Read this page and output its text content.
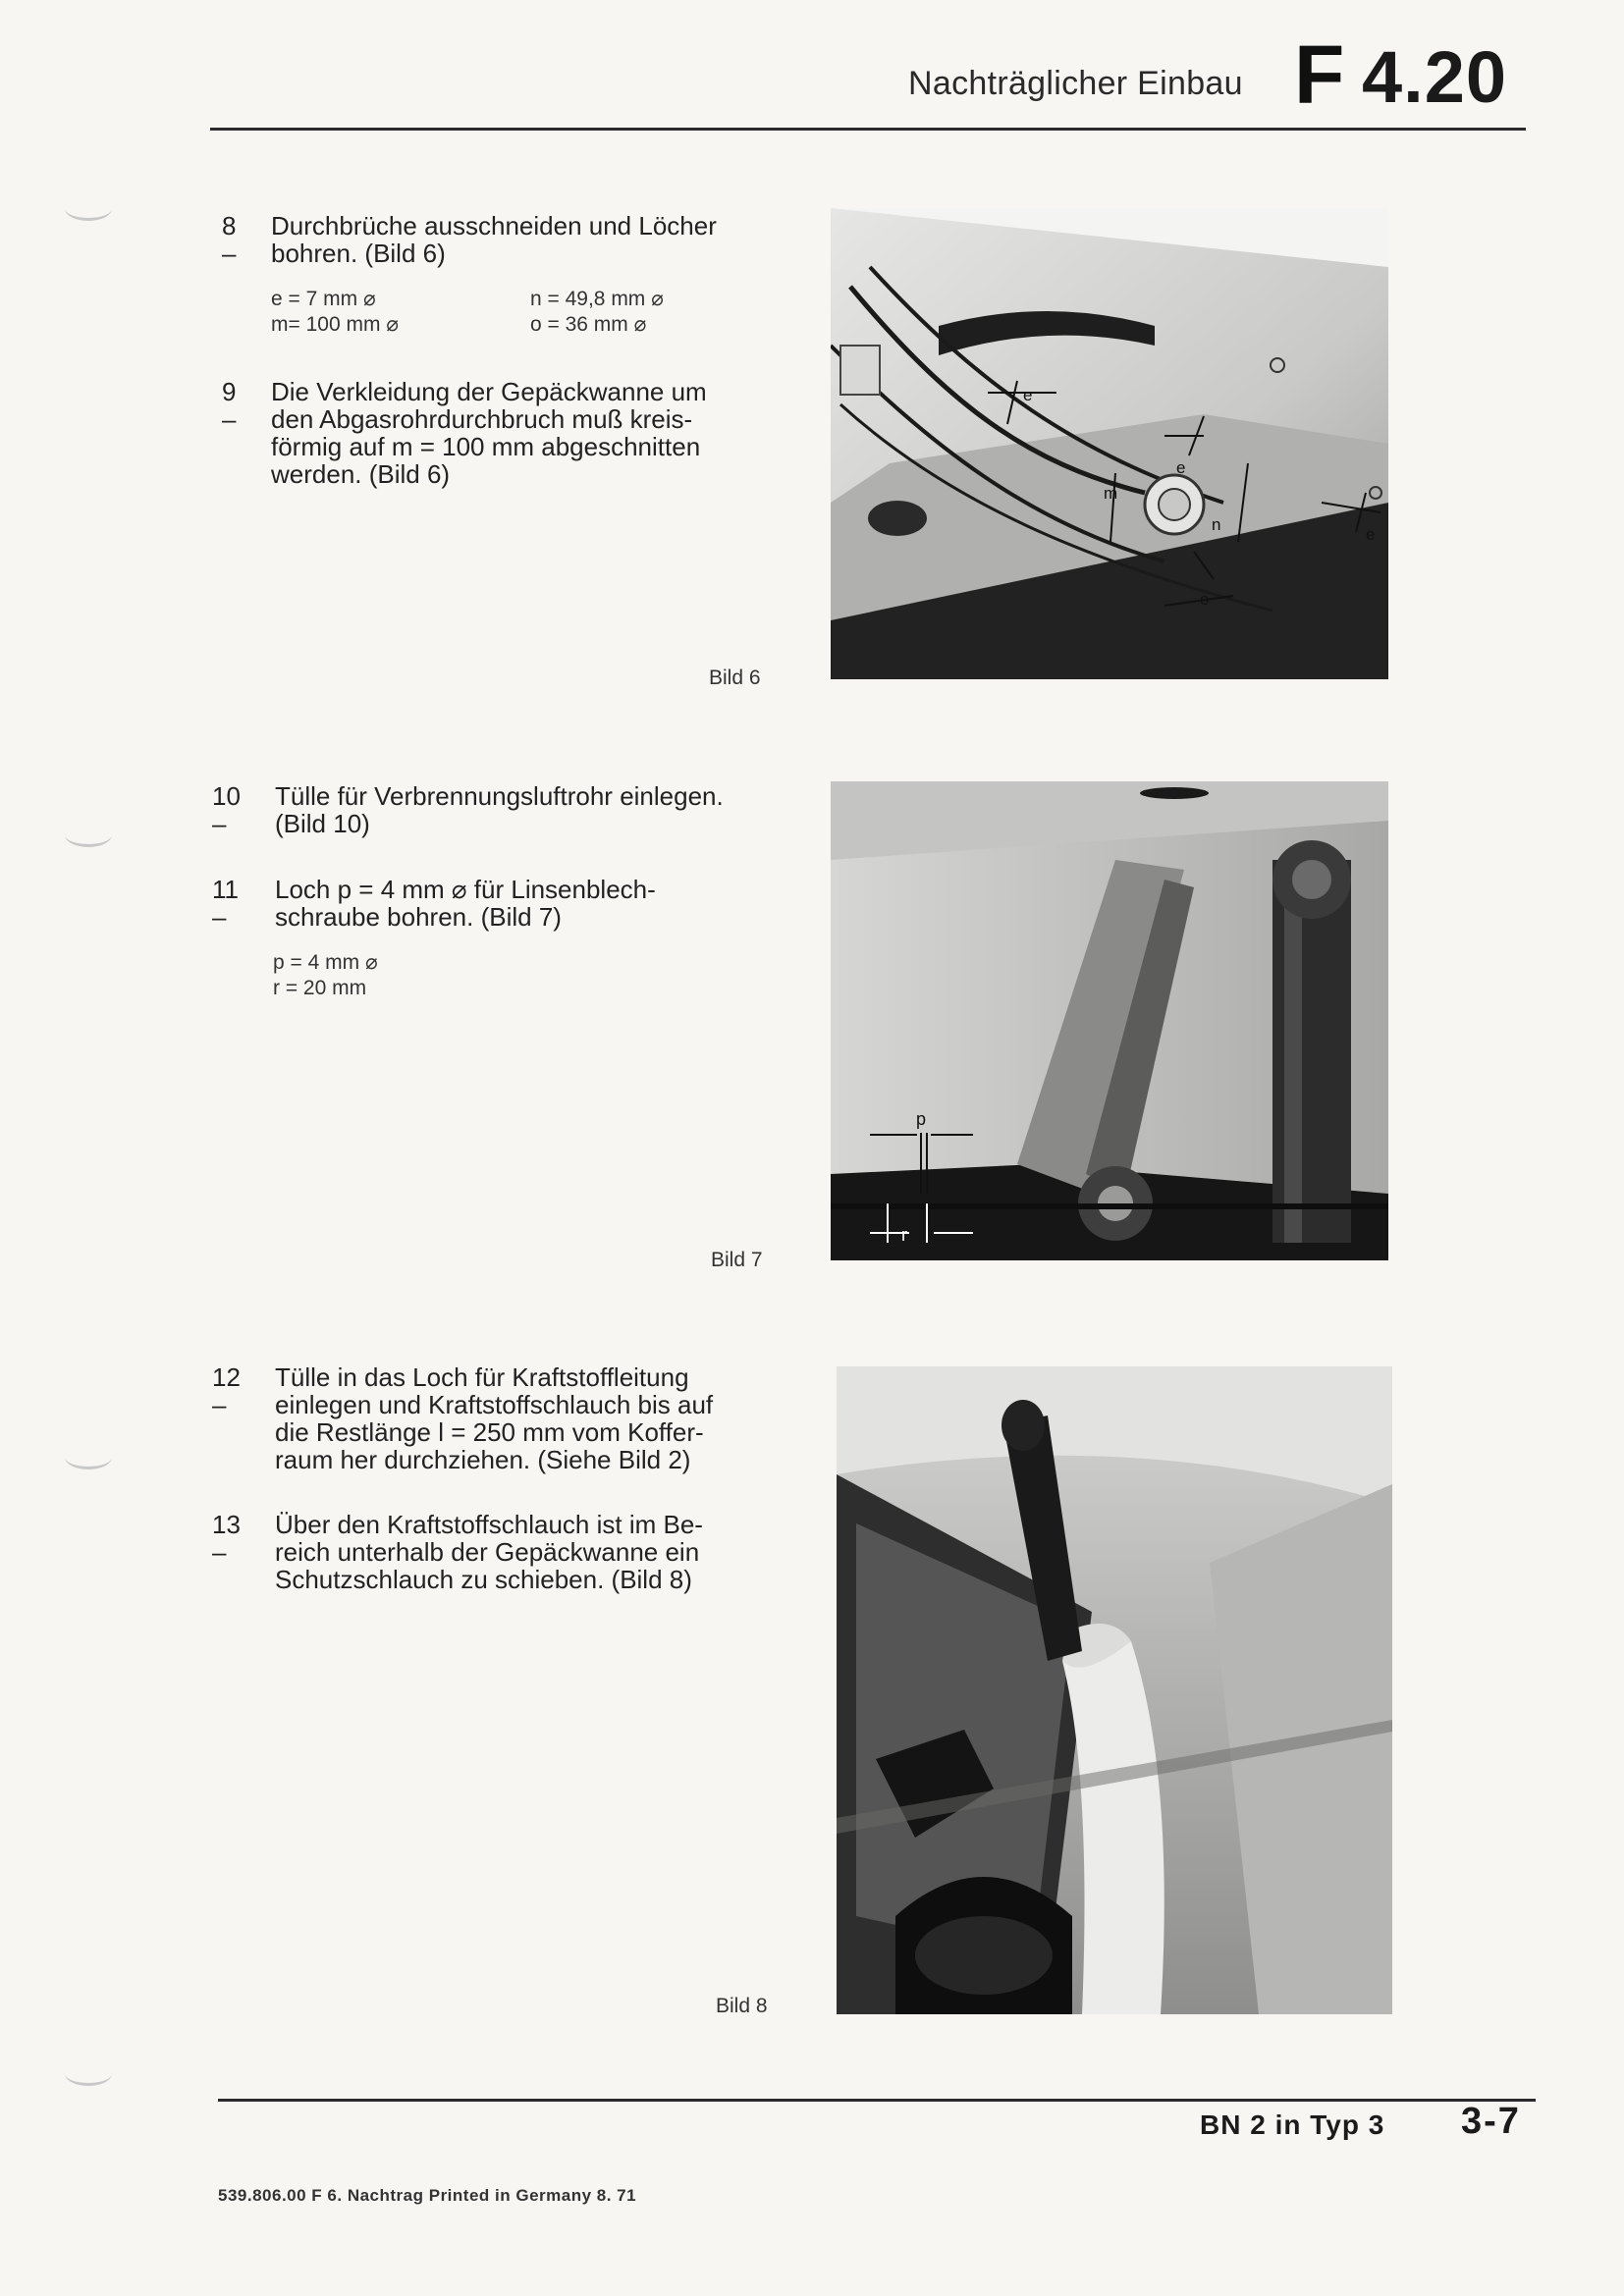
Nachträglicher Einbau F 4.20
8 –
Durchbrüche ausschneiden und Löcher
bohren. (Bild 6)
e = 7 mm ⌀
m= 100 mm ⌀
n = 49,8 mm ⌀
o = 36 mm ⌀
9 –
Die Verkleidung der Gepäckwanne um
den Abgasrohrdurchbruch muß kreis-
förmig auf m = 100 mm abgeschnitten
werden. (Bild 6)
e
e
e
m
n
o
Bild 6
10 –
Tülle für Verbrennungsluftrohr einlegen.
(Bild 10)
11 –
Loch p = 4 mm ⌀ für Linsenblech-
schraube bohren. (Bild 7)
p = 4 mm ⌀
r = 20 mm
p
r
Bild 7
12 –
Tülle in das Loch für Kraftstoffleitung
einlegen und Kraftstoffschlauch bis auf
die Restlänge l = 250 mm vom Koffer-
raum her durchziehen. (Siehe Bild 2)
13 –
Über den Kraftstoffschlauch ist im Be-
reich unterhalb der Gepäckwanne ein
Schutzschlauch zu schieben. (Bild 8)
Bild 8
BN 2 in Typ 3 3-7
539.806.00 F 6. Nachtrag Printed in Germany 8. 71
